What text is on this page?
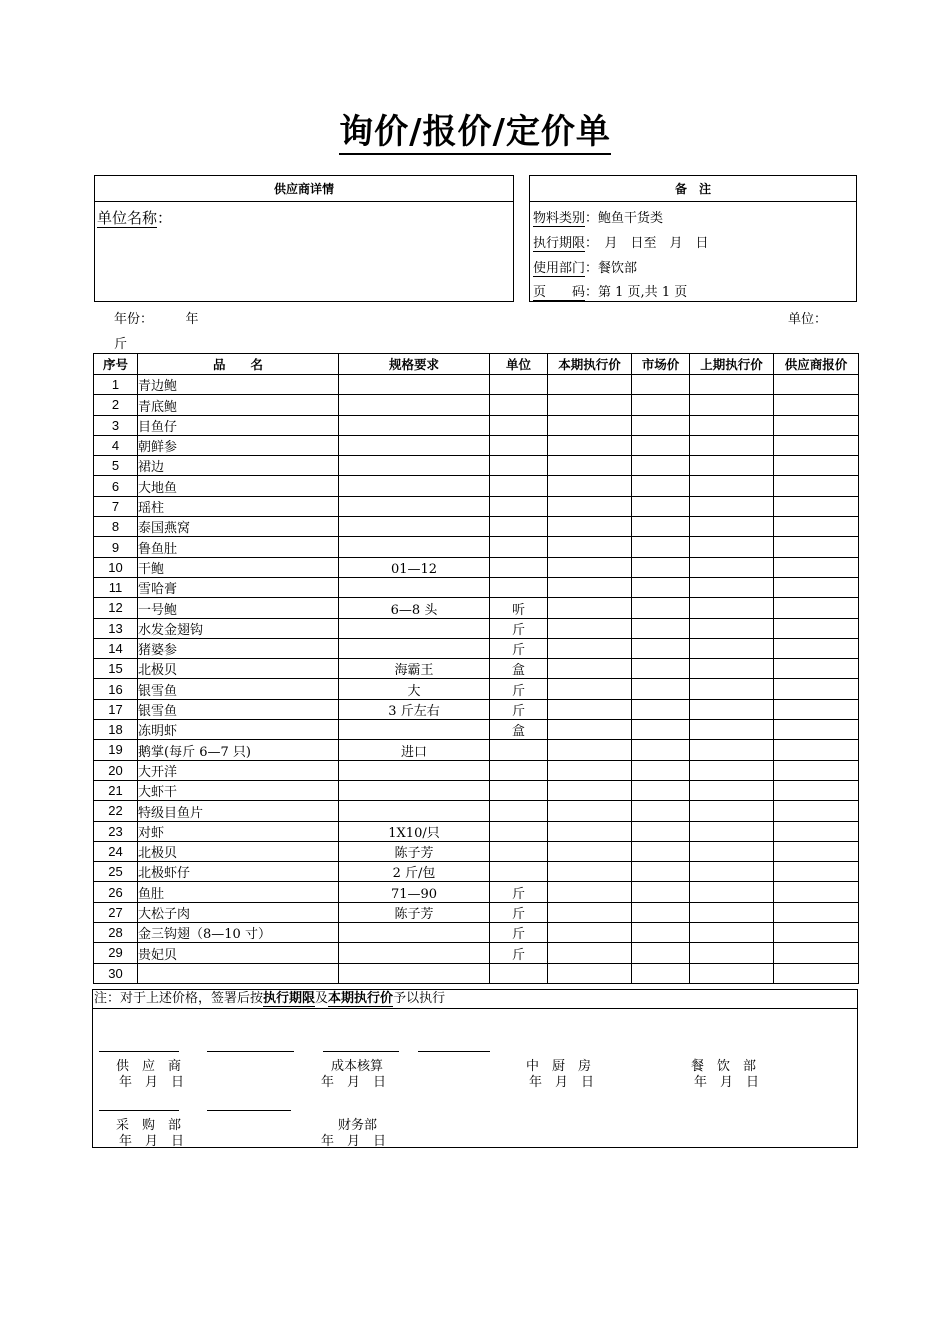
询价/报价/定价单
供应商详情
单位名称：
备　注
物料类别：鲍鱼干货类
执行期限：　月　日至　月　日
使用部门：餐饮部
页　　码：第 1 页,共 1 页
年份：　　　年	单位：
斤
序号	品　　名	规格要求	单位	本期执行价	市场价	上期执行价	供应商报价
1	青边鲍						
2	青底鲍						
3	目鱼仔						
4	朝鲜参						
5	裙边						
6	大地鱼						
7	瑶柱						
8	泰国燕窝						
9	鲁鱼肚						
10	干鲍	01—12					
11	雪哈膏						
12	一号鲍	6—8 头	听				
13	水发金翅钩		斤				
14	猪婆参		斤				
15	北极贝	海霸王	盒				
16	银雪鱼	大	斤				
17	银雪鱼	3 斤左右	斤				
18	冻明虾		盒				
19	鹅掌(每斤 6—7 只)	进口					
20	大开洋						
21	大虾干						
22	特级目鱼片						
23	对虾	1X10/只					
24	北极贝	陈子芳					
25	北极虾仔	2 斤/包					
26	鱼肚	71—90	斤				
27	大松子肉	陈子芳	斤				
28	金三钩翅（8—10 寸）		斤				
29	贵妃贝		斤				
30							
注：对于上述价格，签署后按执行期限及本期执行价予以执行
供　应　商
年　月　日
成本核算
年　月　日
中　厨　房
年　月　日
餐　饮　部
年　月　日
采　购　部
年　月　日
财务部
年　月　日
